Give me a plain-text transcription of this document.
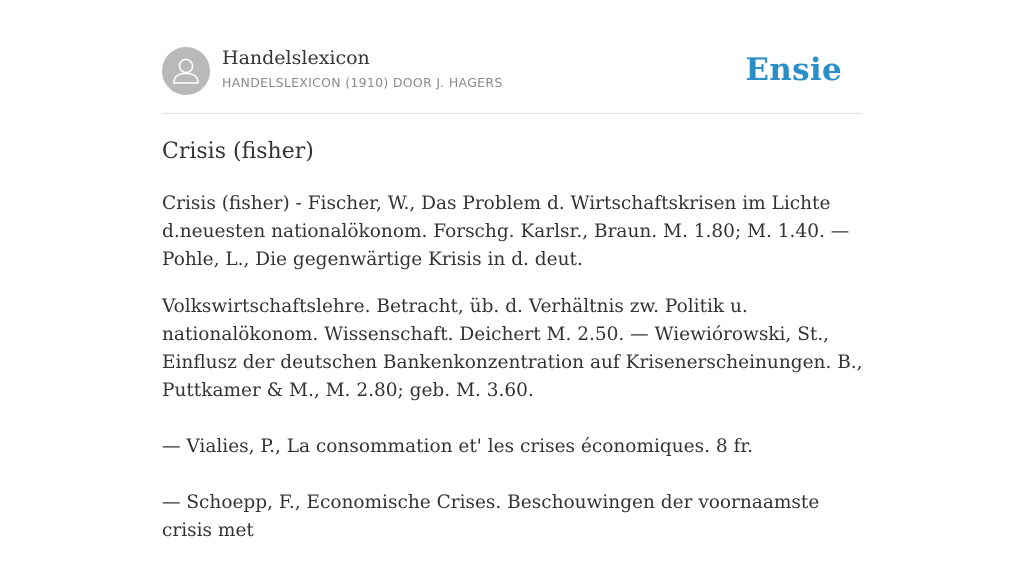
Handelslexicon
HANDELSLEXICON (1910) DOOR J. HAGERS	Ensie
Crisis (fisher)

Crisis (fisher) - Fischer, W., Das Problem d. Wirtschaftskrisen im Lichte d.neuesten nationalökonom. Forschg. Karlsr., Braun. M. 1.80; M. 1.40. — Pohle, L., Die gegenwärtige Krisis in d. deut.

Volkswirtschaftslehre. Betracht, üb. d. Verhältnis zw. Politik u. nationalökonom. Wissenschaft. Deichert M. 2.50. — Wiewiórowski, St., Einflusz der deutschen Bankenkonzentration auf Krisenerscheinungen. B., Puttkamer & M., M. 2.80; geb. M. 3.60.

— Vialies, P., La consommation et' les crises économiques. 8 fr.

— Schoepp, F., Economische Crises. Beschouwingen der voornaamste crisis met
